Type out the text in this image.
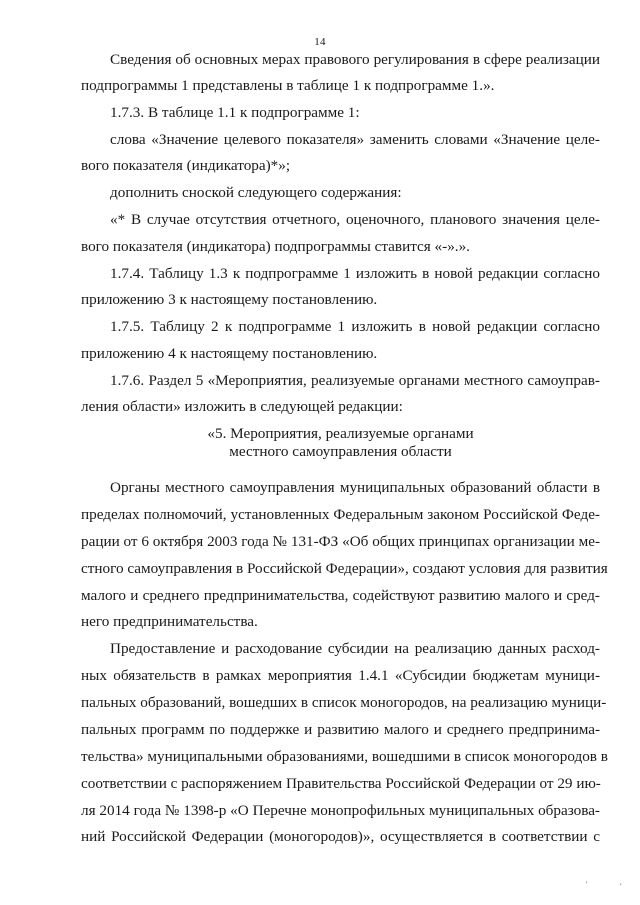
14
Сведения об основных мерах правового регулирования в сфере реализации
подпрограммы 1 представлены в таблице 1 к подпрограмме 1.».
1.7.3. В таблице 1.1 к подпрограмме 1:
слова «Значение целевого показателя» заменить словами «Значение целе-
вого показателя (индикатора)*»;
дополнить сноской следующего содержания:
«* В случае отсутствия отчетного, оценочного, планового значения целе-
вого показателя (индикатора) подпрограммы ставится «-».».
1.7.4. Таблицу 1.3 к подпрограмме 1 изложить в новой редакции согласно
приложению 3 к настоящему постановлению.
1.7.5. Таблицу 2 к подпрограмме 1 изложить в новой редакции согласно
приложению 4 к настоящему постановлению.
1.7.6. Раздел 5 «Мероприятия, реализуемые органами местного самоуправ-
ления области» изложить в следующей редакции:
«5. Мероприятия, реализуемые органами
местного самоуправления области
Органы местного самоуправления муниципальных образований области в
пределах полномочий, установленных Федеральным законом Российской Феде-
рации от 6 октября 2003 года № 131-ФЗ «Об общих принципах организации ме-
стного самоуправления в Российской Федерации», создают условия для развития
малого и среднего предпринимательства, содействуют развитию малого и сред-
него предпринимательства.
Предоставление и расходование субсидии на реализацию данных расход-
ных обязательств в рамках мероприятия 1.4.1 «Субсидии бюджетам муници-
пальных образований, вошедших в список моногородов, на реализацию муници-
пальных программ по поддержке и развитию малого и среднего предпринима-
тельства» муниципальными образованиями, вошедшими в список моногородов в
соответствии с распоряжением Правительства Российской Федерации от 29 ию-
ля 2014 года № 1398-р «О Перечне монопрофильных муниципальных образова-
ний Российской Федерации (моногородов)», осуществляется в соответствии с
'	'
